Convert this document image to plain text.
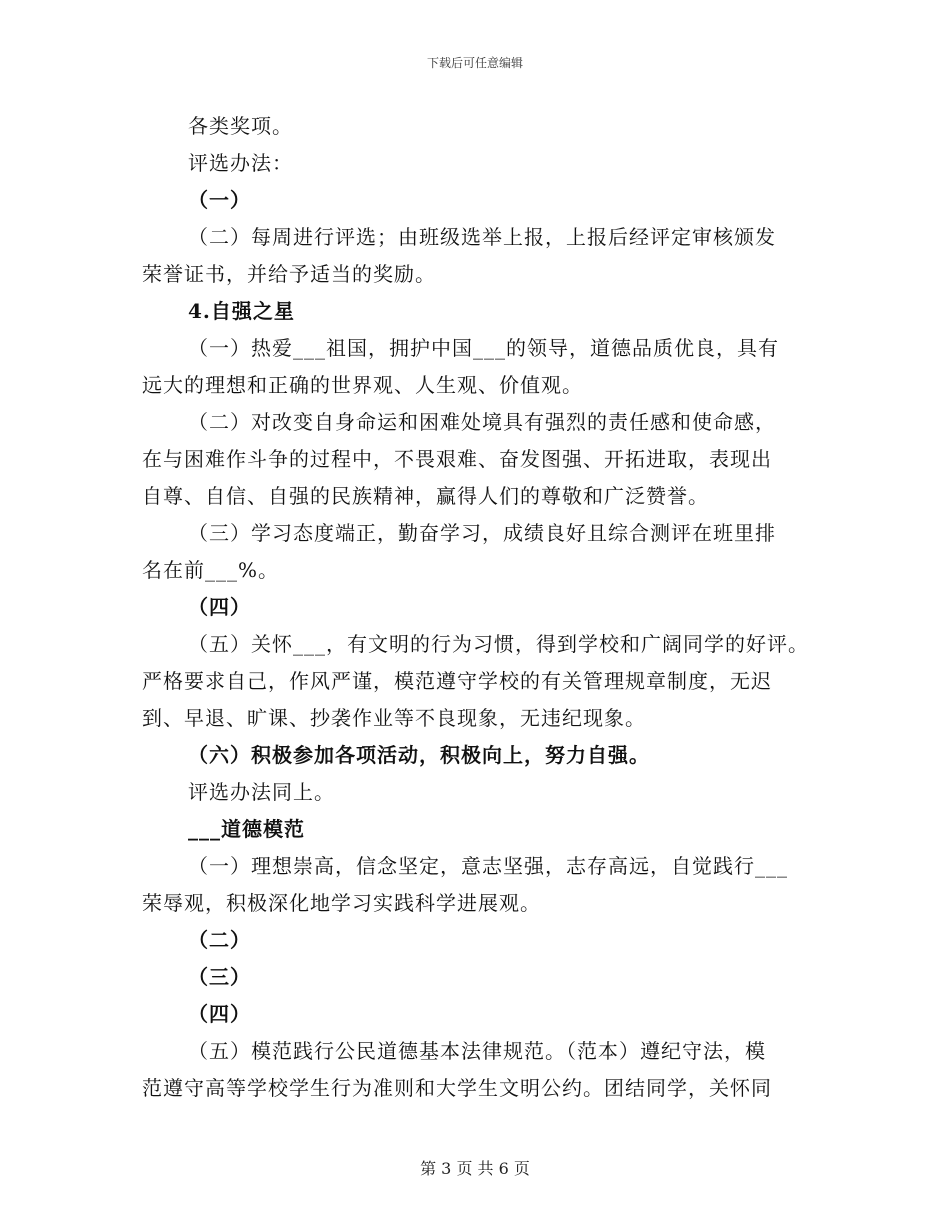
下载后可任意编辑
各类奖项。
评选办法：
（一）
（二）每周进行评选；由班级选举上报，上报后经评定审核颁发
荣誉证书，并给予适当的奖励。
4.自强之星
（一）热爱___祖国，拥护中国___的领导，道德品质优良，具有
远大的理想和正确的世界观、人生观、价值观。
（二）对改变自身命运和困难处境具有强烈的责任感和使命感，
在与困难作斗争的过程中，不畏艰难、奋发图强、开拓进取，表现出
自尊、自信、自强的民族精神，赢得人们的尊敬和广泛赞誉。
（三）学习态度端正，勤奋学习，成绩良好且综合测评在班里排
名在前___%。
（四）
（五）关怀___，有文明的行为习惯，得到学校和广阔同学的好评。
严格要求自己，作风严谨，模范遵守学校的有关管理规章制度，无迟
到、早退、旷课、抄袭作业等不良现象，无违纪现象。
（六）积极参加各项活动，积极向上，努力自强。
评选办法同上。
___道德模范
（一）理想崇高，信念坚定，意志坚强，志存高远，自觉践行___
荣辱观，积极深化地学习实践科学进展观。
（二）
（三）
（四）
（五）模范践行公民道德基本法律规范。（范本）遵纪守法，模
范遵守高等学校学生行为准则和大学生文明公约。团结同学，关怀同
第 3 页 共 6 页
